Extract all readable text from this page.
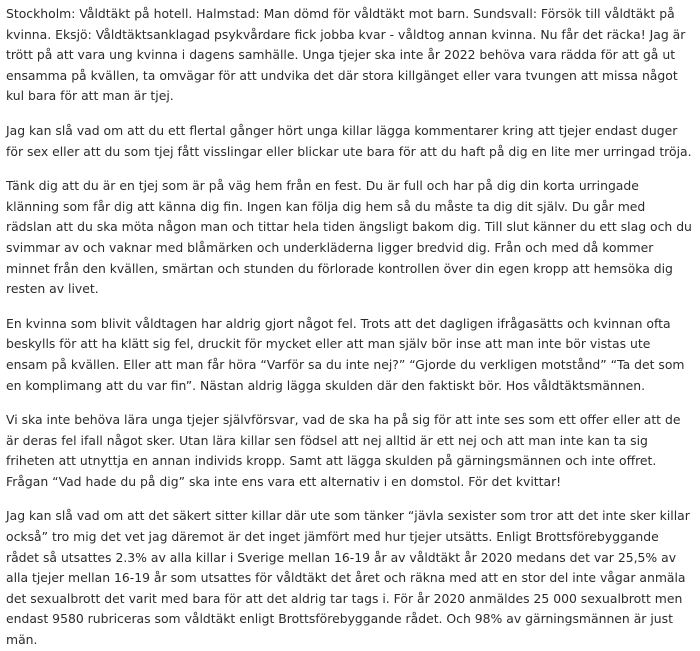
Stockholm: Våldtäkt på hotell. Halmstad: Man dömd för våldtäkt mot barn. Sundsvall: Försök till våldtäkt på kvinna. Eksjö: Våldtäktsanklagad psykvårdare fick jobba kvar - våldtog annan kvinna. Nu får det räcka! Jag är trött på att vara ung kvinna i dagens samhälle. Unga tjejer ska inte år 2022 behöva vara rädda för att gå ut ensamma på kvällen, ta omvägar för att undvika det där stora killgänget eller vara tvungen att missa något kul bara för att man är tjej.

Jag kan slå vad om att du ett flertal gånger hört unga killar lägga kommentarer kring att tjejer endast duger för sex eller att du som tjej fått visslingar eller blickar ute bara för att du haft på dig en lite mer urringad tröja.

Tänk dig att du är en tjej som är på väg hem från en fest. Du är full och har på dig din korta urringade klänning som får dig att känna dig fin. Ingen kan följa dig hem så du måste ta dig dit själv. Du går med rädslan att du ska möta någon man och tittar hela tiden ängsligt bakom dig. Till slut känner du ett slag och du svimmar av och vaknar med blåmärken och underkläderna ligger bredvid dig. Från och med då kommer minnet från den kvällen, smärtan och stunden du förlorade kontrollen över din egen kropp att hemsöka dig resten av livet.

En kvinna som blivit våldtagen har aldrig gjort något fel. Trots att det dagligen ifrågasätts och kvinnan ofta beskylls för att ha klätt sig fel, druckit för mycket eller att man själv bör inse att man inte bör vistas ute ensam på kvällen. Eller att man får höra “Varför sa du inte nej?” “Gjorde du verkligen motstånd” “Ta det som en komplimang att du var fin”. Nästan aldrig lägga skulden där den faktiskt bör. Hos våldtäktsmännen.

Vi ska inte behöva lära unga tjejer självförsvar, vad de ska ha på sig för att inte ses som ett offer eller att de är deras fel ifall något sker. Utan lära killar sen födsel att nej alltid är ett nej och att man inte kan ta sig friheten att utnyttja en annan individs kropp. Samt att lägga skulden på gärningsmännen och inte offret. Frågan “Vad hade du på dig” ska inte ens vara ett alternativ i en domstol. För det kvittar!

Jag kan slå vad om att det säkert sitter killar där ute som tänker “jävla sexister som tror att det inte sker killar också” tro mig det vet jag däremot är det inget jämfört med hur tjejer utsätts. Enligt Brottsförebyggande rådet så utsattes 2.3% av alla killar i Sverige mellan 16-19 år av våldtäkt år 2020 medans det var 25,5% av alla tjejer mellan 16-19 år som utsattes för våldtäkt det året och räkna med att en stor del inte vågar anmäla det sexualbrott det varit med bara för att det aldrig tar tags i. För år 2020 anmäldes 25 000 sexualbrott men endast 9580 rubriceras som våldtäkt enligt Brottsförebyggande rådet. Och 98% av gärningsmännen är just män.
